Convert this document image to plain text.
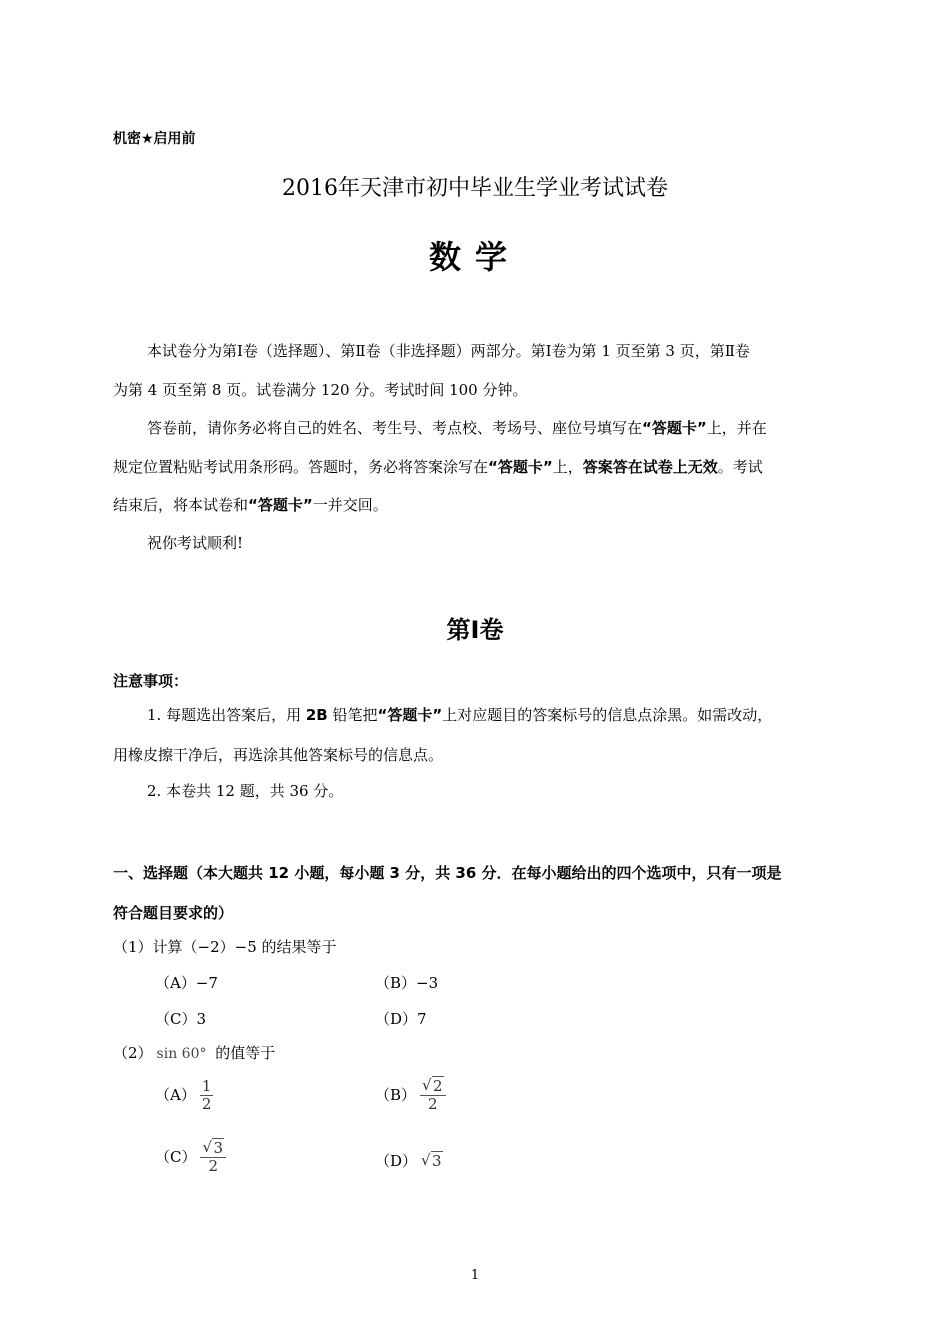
机密★启用前
2016年天津市初中毕业生学业考试试卷
数学
本试卷分为第Ⅰ卷（选择题）、第Ⅱ卷（非选择题）两部分。第Ⅰ卷为第 1 页至第 3 页，第Ⅱ卷
为第 4 页至第 8 页。试卷满分 120 分。考试时间 100 分钟。
答卷前，请你务必将自己的姓名、考生号、考点校、考场号、座位号填写在“答题卡”上，并在
规定位置粘贴考试用条形码。答题时，务必将答案涂写在“答题卡”上，答案答在试卷上无效。考试
结束后，将本试卷和“答题卡”一并交回。
祝你考试顺利!
第Ⅰ卷
注意事项：
1. 每题选出答案后，用 2B 铅笔把“答题卡”上对应题目的答案标号的信息点涂黑。如需改动，
用橡皮擦干净后，再选涂其他答案标号的信息点。
2. 本卷共 12 题，共 36 分。
一、选择题（本大题共 12 小题，每小题 3 分，共 36 分．在每小题给出的四个选项中，只有一项是
符合题目要求的）
（1）计算（−2）−5 的结果等于
（A）−7	（B）−3
（C）3	（D）7
（2） sin 60° 的值等于
$(A) \frac{1}{2}$	（B） √ $\frac{2}{2}$
（C） √ $\frac{3}{2}$	（D） √ 3
1
